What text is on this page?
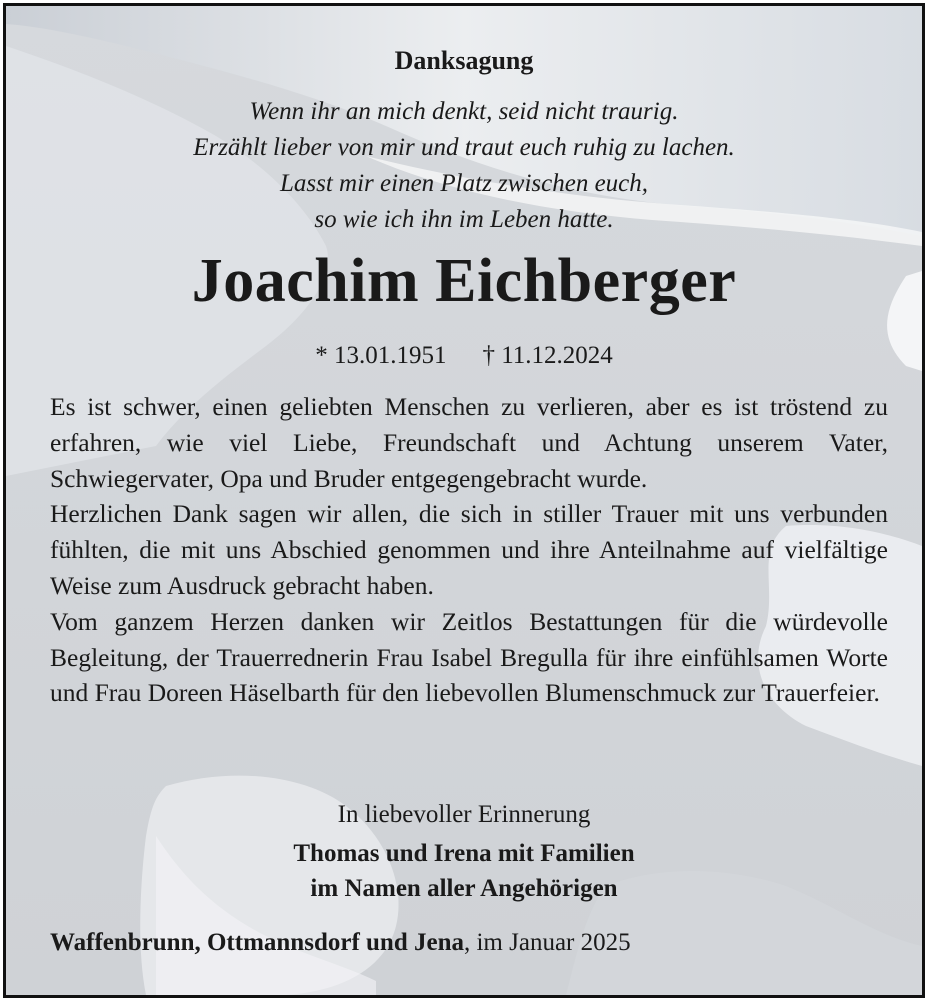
Danksagung
Wenn ihr an mich denkt, seid nicht traurig.
Erzählt lieber von mir und traut euch ruhig zu lachen.
Lasst mir einen Platz zwischen euch,
so wie ich ihn im Leben hatte.
Joachim Eichberger
* 13.01.1951 † 11.12.2024

Es ist schwer, einen geliebten Menschen zu verlieren, aber es ist tröstend zu erfahren, wie viel Liebe, Freundschaft und Achtung unserem Vater, Schwiegervater, Opa und Bruder entgegengebracht wurde.

Herzlichen Dank sagen wir allen, die sich in stiller Trauer mit uns verbunden fühlten, die mit uns Abschied genommen und ihre Anteilnahme auf vielfältige Weise zum Ausdruck gebracht haben.

Vom ganzem Herzen danken wir Zeitlos Bestattungen für die würdevolle Begleitung, der Trauerrednerin Frau Isabel Bregulla für ihre einfühlsamen Worte und Frau Doreen Häselbarth für den liebevollen Blumenschmuck zur Trauerfeier.

In liebevoller Erinnerung
Thomas und Irena mit Familien
im Namen aller Angehörigen
Waffenbrunn, Ottmannsdorf und Jena, im Januar 2025
